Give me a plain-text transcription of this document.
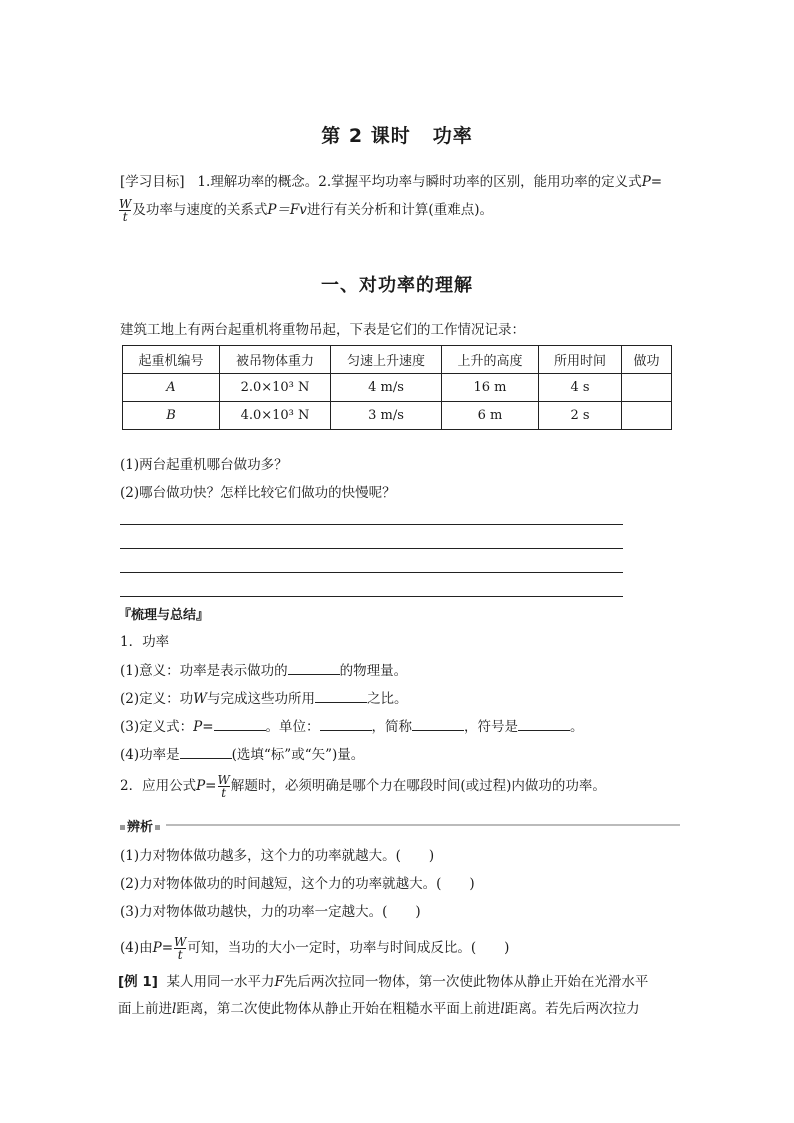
第 2 课时 功率
[学习目标] 1.理解功率的概念。2.掌握平均功率与瞬时功率的区别，能用功率的定义式P=
$\frac{W}{t}$ 及功率与速度的关系式P＝Fv进行有关分析和计算(重难点)。
一、对功率的理解
建筑工地上有两台起重机将重物吊起，下表是它们的工作情况记录：
起重机编号	被吊物体重力	匀速上升速度	上升的高度	所用时间	做功
A	2.0×10³ N	4 m/s	16 m	4 s	
B	4.0×10³ N	3 m/s	6 m	2 s	
(1)两台起重机哪台做功多？
(2)哪台做功快？怎样比较它们做功的快慢呢？
『梳理与总结』
1．功率
(1)意义：功率是表示做功的	的物理量。
(2)定义：功W与完成这些功所用	之比。
(3)定义式：P=	。单位：	，简称	，符号是	。
(4)功率是	(选填“标”或“矢”)量。
2．应用公式$P= \frac{W}{t}$ 解题时，必须明确是哪个力在哪段时间(或过程)内做功的功率。
辨析
(1)力对物体做功越多，这个力的功率就越大。( )
(2)力对物体做功的时间越短，这个力的功率就越大。( )
(3)力对物体做功越快，力的功率一定越大。( )
(4)由$P= \frac{W}{t}$ 可知，当功的大小一定时，功率与时间成反比。( )
[例 1] 某人用同一水平力F先后两次拉同一物体，第一次使此物体从静止开始在光滑水平
面上前进l距离，第二次使此物体从静止开始在粗糙水平面上前进l距离。若先后两次拉力
